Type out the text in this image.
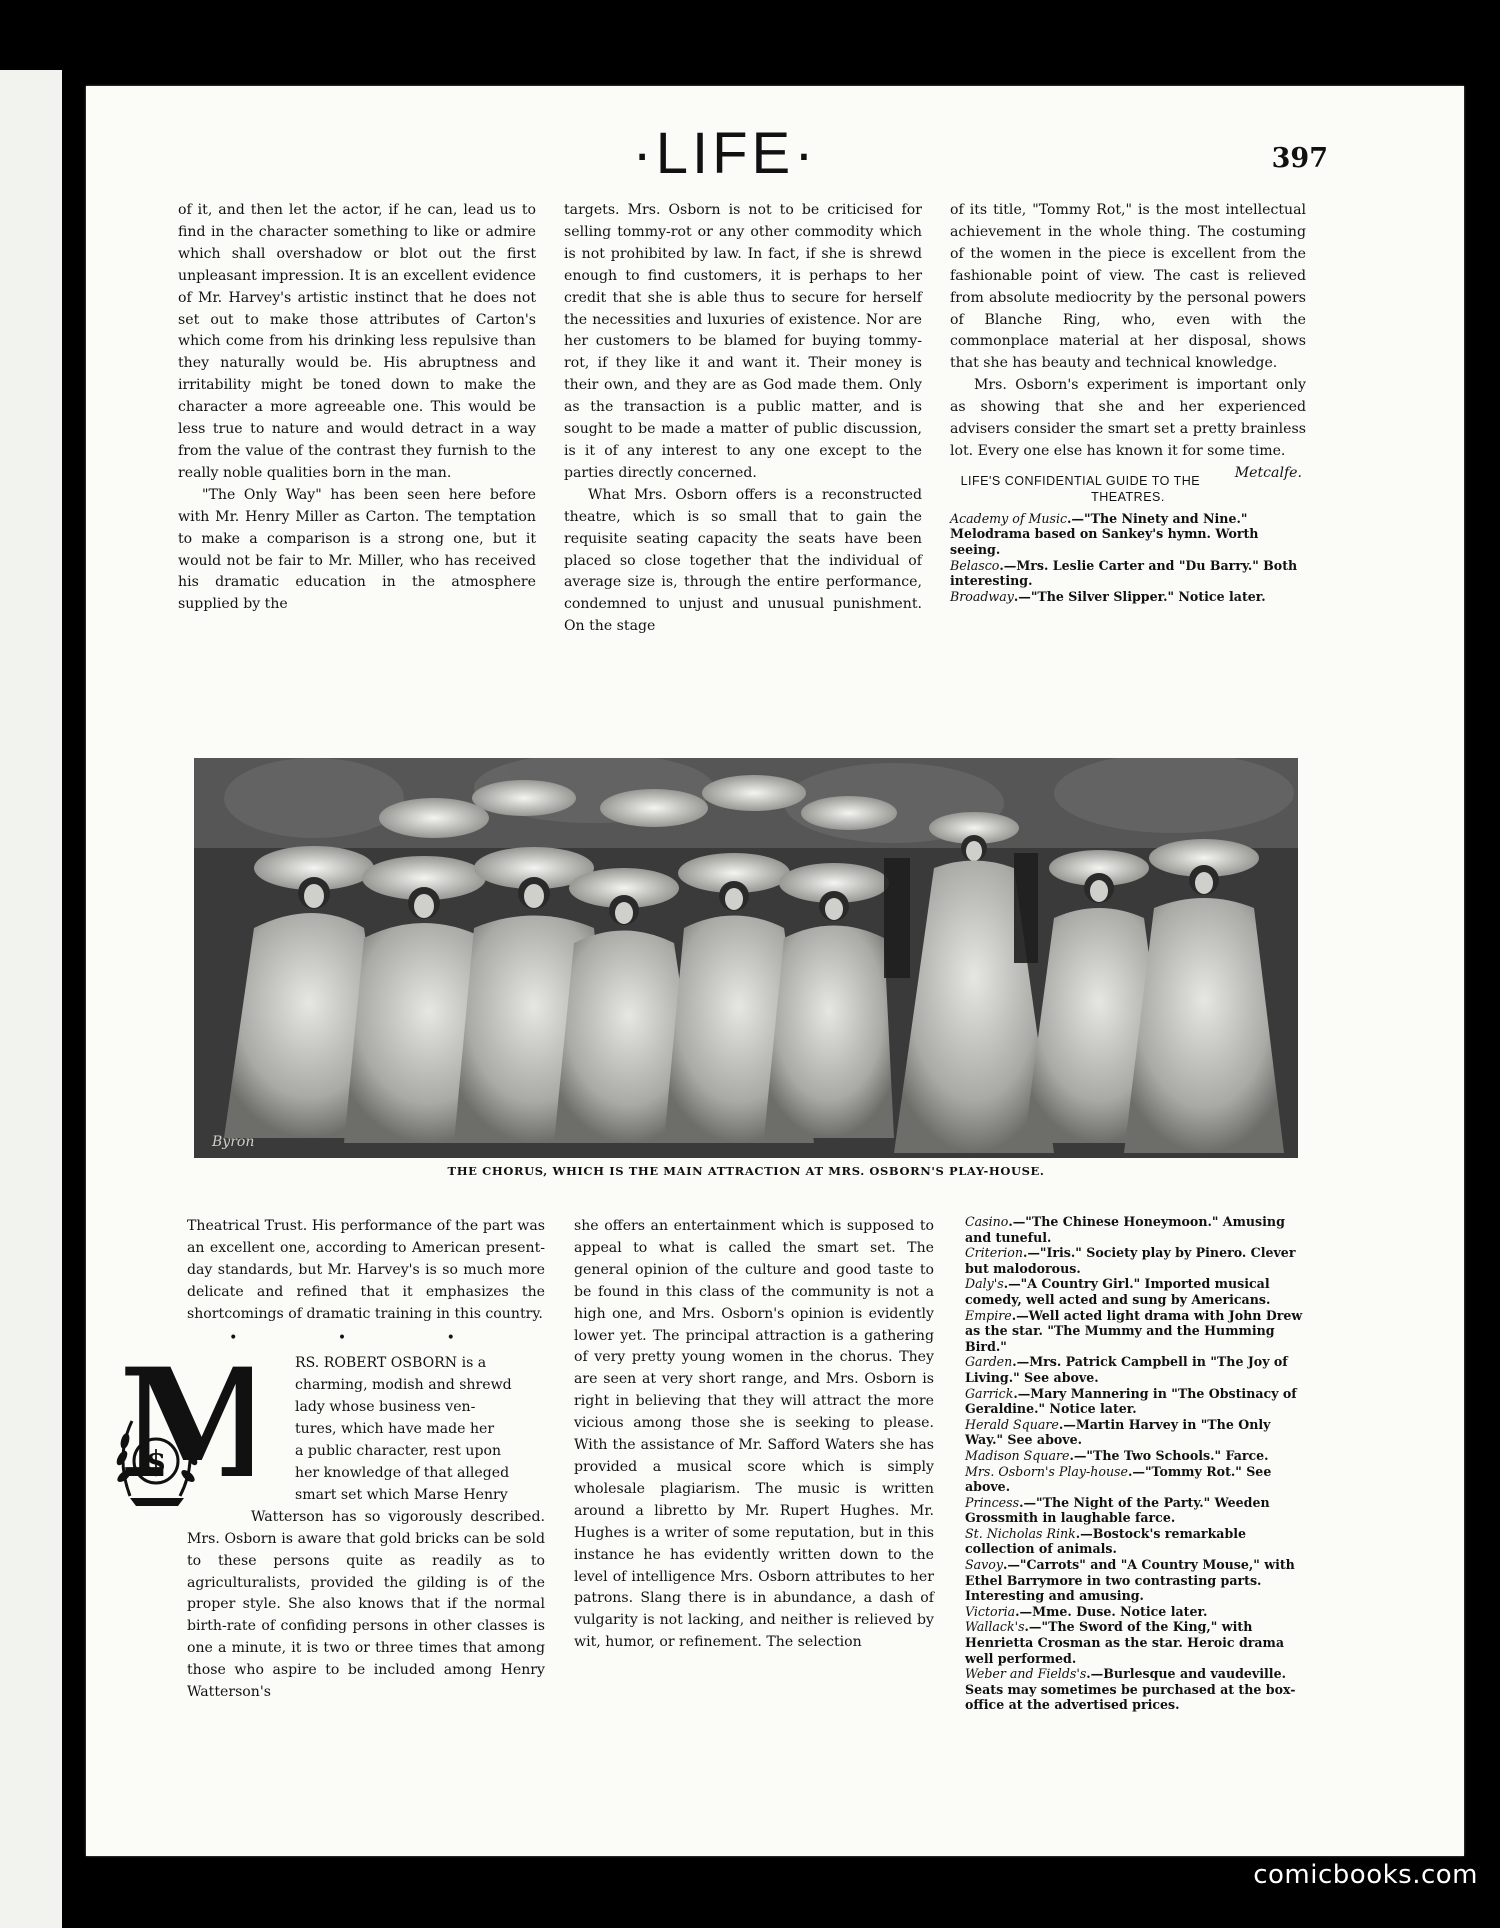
·LIFE·	397

of it, and then let the actor, if he can, lead us to find in the character something to like or admire which shall overshadow or blot out the first unpleasant impression. It is an excellent evidence of Mr. Harvey's artistic instinct that he does not set out to make those attributes of Carton's which come from his drinking less repulsive than they naturally would be. His abruptness and irritability might be toned down to make the character a more agreeable one. This would be less true to nature and would detract in a way from the value of the contrast they furnish to the really noble qualities born in the man.

"The Only Way" has been seen here before with Mr. Henry Miller as Carton. The temptation to make a comparison is a strong one, but it would not be fair to Mr. Miller, who has received his dramatic education in the atmosphere supplied by the

targets. Mrs. Osborn is not to be criticised for selling tommy-rot or any other commodity which is not prohibited by law. In fact, if she is shrewd enough to find customers, it is perhaps to her credit that she is able thus to secure for herself the necessities and luxuries of existence. Nor are her customers to be blamed for buying tommy-rot, if they like it and want it. Their money is their own, and they are as God made them. Only as the transaction is a public matter, and is sought to be made a matter of public discussion, is it of any interest to any one except to the parties directly concerned.

What Mrs. Osborn offers is a reconstructed theatre, which is so small that to gain the requisite seating capacity the seats have been placed so close together that the individual of average size is, through the entire performance, condemned to unjust and unusual punishment. On the stage

of its title, "Tommy Rot," is the most intellectual achievement in the whole thing. The costuming of the women in the piece is excellent from the fashionable point of view. The cast is relieved from absolute mediocrity by the personal powers of Blanche Ring, who, even with the commonplace material at her disposal, shows that she has beauty and technical knowledge.

Mrs. Osborn's experiment is important only as showing that she and her experienced advisers consider the smart set a pretty brainless lot. Every one else has known it for some time.
Metcalfe.

LIFE'S CONFIDENTIAL GUIDE TO THE THEATRES.

Academy of Music.—"The Ninety and Nine." Melodrama based on Sankey's hymn. Worth seeing.

Belasco.—Mrs. Leslie Carter and "Du Barry." Both interesting.

Broadway.—"The Silver Slipper." Notice later.

Byron
THE CHORUS, WHICH IS THE MAIN ATTRACTION AT MRS. OSBORN'S PLAY-HOUSE.

Theatrical Trust. His performance of the part was an excellent one, according to American present-day standards, but Mr. Harvey's is so much more delicate and refined that it emphasizes the shortcomings of dramatic training in this country.

• • •
RS. ROBERT OSBORN is a
charming, modish and shrewd
lady whose business ven-
tures, which have made her
a public character, rest upon
her knowledge of that alleged
smart set which Marse Henry

Watterson has so vigorously described. Mrs. Osborn is aware that gold bricks can be sold to these persons quite as readily as to agriculturalists, provided the gilding is of the proper style. She also knows that if the normal birth-rate of confiding persons in other classes is one a minute, it is two or three times that among those who aspire to be included among Henry Watterson's

$
M

she offers an entertainment which is supposed to appeal to what is called the smart set. The general opinion of the culture and good taste to be found in this class of the community is not a high one, and Mrs. Osborn's opinion is evidently lower yet. The principal attraction is a gathering of very pretty young women in the chorus. They are seen at very short range, and Mrs. Osborn is right in believing that they will attract the more vicious among those she is seeking to please. With the assistance of Mr. Safford Waters she has provided a musical score which is simply wholesale plagiarism. The music is written around a libretto by Mr. Rupert Hughes. Mr. Hughes is a writer of some reputation, but in this instance he has evidently written down to the level of intelligence Mrs. Osborn attributes to her patrons. Slang there is in abundance, a dash of vulgarity is not lacking, and neither is relieved by wit, humor, or refinement. The selection

Casino.—"The Chinese Honeymoon." Amusing and tuneful.

Criterion.—"Iris." Society play by Pinero. Clever but malodorous.

Daly's.—"A Country Girl." Imported musical comedy, well acted and sung by Americans.

Empire.—Well acted light drama with John Drew as the star. "The Mummy and the Humming Bird."

Garden.—Mrs. Patrick Campbell in "The Joy of Living." See above.

Garrick.—Mary Mannering in "The Obstinacy of Geraldine." Notice later.

Herald Square.—Martin Harvey in "The Only Way." See above.

Madison Square.—"The Two Schools." Farce.

Mrs. Osborn's Play-house.—"Tommy Rot." See above.

Princess.—"The Night of the Party." Weeden Grossmith in laughable farce.

St. Nicholas Rink.—Bostock's remarkable collection of animals.

Savoy.—"Carrots" and "A Country Mouse," with Ethel Barrymore in two contrasting parts. Interesting and amusing.

Victoria.—Mme. Duse. Notice later.

Wallack's.—"The Sword of the King," with Henrietta Crosman as the star. Heroic drama well performed.

Weber and Fields's.—Burlesque and vaudeville. Seats may sometimes be purchased at the box-office at the advertised prices.

comicbooks.com
